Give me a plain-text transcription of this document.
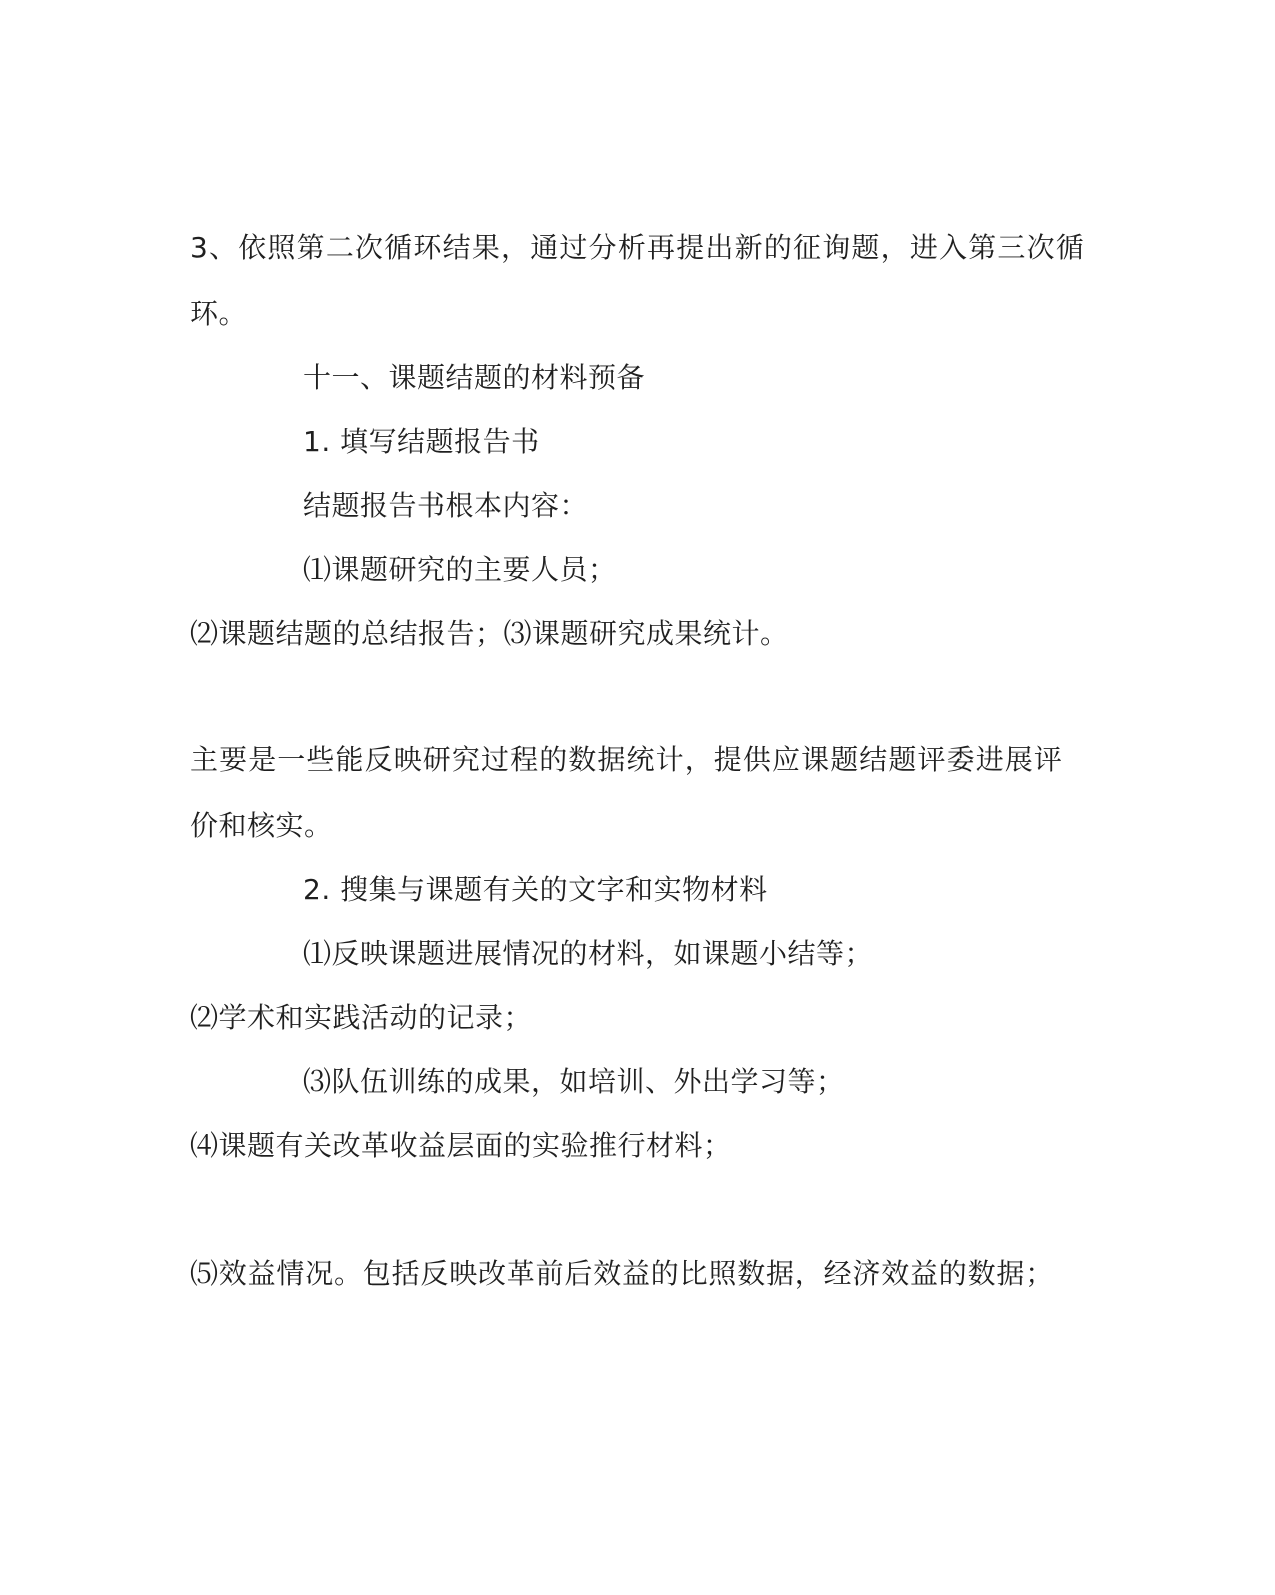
3、依照第二次循环结果，通过分析再提出新的征询题，进入第三次循
环。
十一、课题结题的材料预备
1. 填写结题报告书
结题报告书根本内容：
⑴课题研究的主要人员；
⑵课题结题的总结报告；⑶课题研究成果统计。
主要是一些能反映研究过程的数据统计，提供应课题结题评委进展评
价和核实。
2. 搜集与课题有关的文字和实物材料
⑴反映课题进展情况的材料，如课题小结等；
⑵学术和实践活动的记录；
⑶队伍训练的成果，如培训、外出学习等；
⑷课题有关改革收益层面的实验推行材料；
⑸效益情况。包括反映改革前后效益的比照数据，经济效益的数据；
